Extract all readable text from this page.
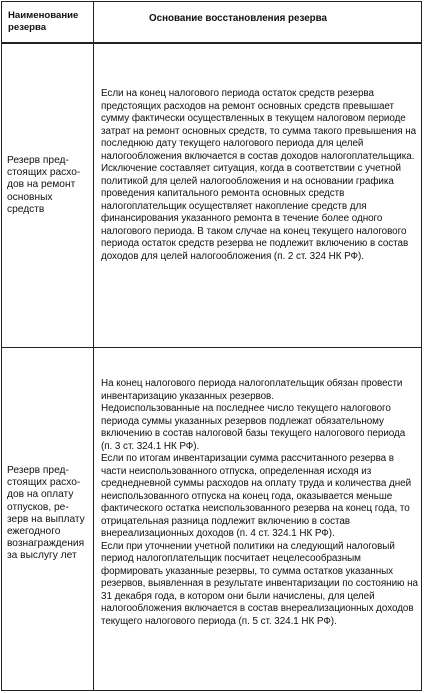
Наименование резерва
Основание восстановления резерва
Резерв пред-
стоящих расхо-
дов на ремонт
основных
средств

Если на конец налогового периода остаток средств резерва предстоящих расходов на ремонт основных средств превышает сумму фактически осуществленных в текущем налоговом периоде затрат на ремонт основных средств, то сумма такого превышения на последнюю дату текущего налогового периода для целей налогообложения включается в состав доходов налогоплательщика.

Исключение составляет ситуация, когда в соответствии с учетной политикой для целей налогообложения и на основании графика проведения капитального ремонта основных средств налогоплательщик осуществляет накопление средств для финансирования указанного ремонта в течение более одного налогового периода. В таком случае на конец текущего налогового периода остаток средств резерва не подлежит включению в состав доходов для целей налогообложения (п. 2 ст. 324 НК РФ).

Резерв пред-
стоящих расхо-
дов на оплату
отпусков, ре-
зерв на выплату
ежегодного
вознаграждения
за выслугу лет

На конец налогового периода налогоплательщик обязан провести инвентаризацию указанных резервов.

Недоиспользованные на последнее число текущего налогового периода суммы указанных резервов подлежат обязательному включению в состав налоговой базы текущего налогового периода (п. 3 ст. 324.1 НК РФ).

Если по итогам инвентаризации сумма рассчитанного резерва в части неиспользованного отпуска, определенная исходя из среднедневной суммы расходов на оплату труда и количества дней неиспользованного отпуска на конец года, оказывается меньше фактического остатка неиспользованного резерва на конец года, то отрицательная разница подлежит включению в состав внереализационных доходов (п. 4 ст. 324.1 НК РФ).

Если при уточнении учетной политики на следующий налоговый период налогоплательщик посчитает нецелесообразным формировать указанные резервы, то сумма остатков указанных резервов, выявленная в результате инвентаризации по состоянию на 31 декабря года, в котором они были начислены, для целей налогообложения включается в состав внереализационных доходов текущего налогового периода (п. 5 ст. 324.1 НК РФ).
